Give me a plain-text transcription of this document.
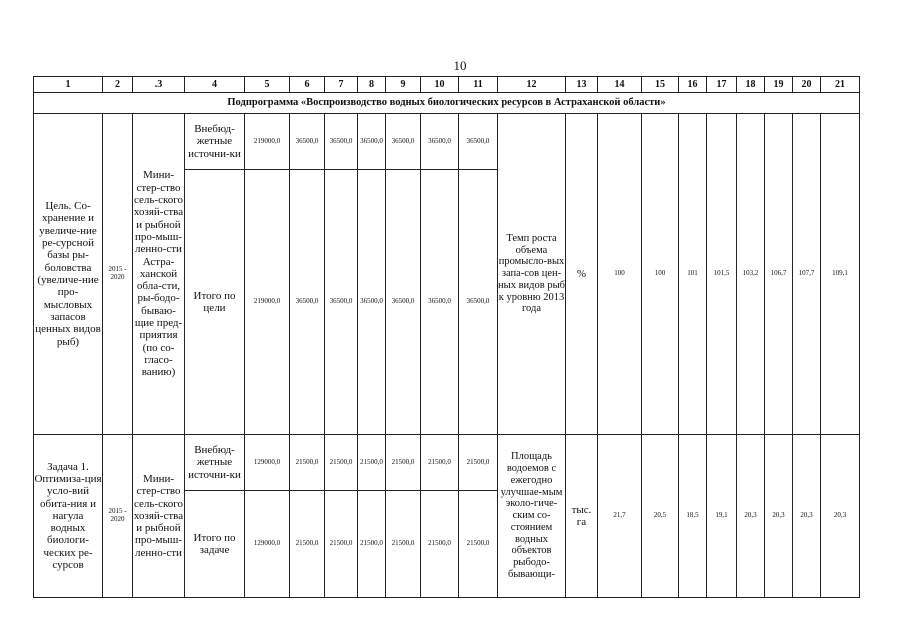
10
1	2	.3	4	5	6	7	8	9	10	11	12	13	14	15	16	17	18	19	20	21
Подпрограмма «Воспроизводство водных биологических ресурсов в Астраханской области»																				
Цель. Со-хранение и увеличе-ние ре-сурсной базы ры-боловства (увеличе-ние про-мысловых запасов ценных видов рыб)	2015 - 2020	Мини-стер-ство сель-ского хозяй-ства и рыбной про-мыш-ленно-сти Астра-ханской обла-сти, ры-бодо-бываю-щие пред-приятия (по со-гласо-ванию)	Внебюд-жетные источни-ки	219000,0	36500,0	36500,0	36500,0	36500,0	36500,0	36500,0	Темп роста объема промысло-вых запа-сов цен-ных видов рыб к уровню 2013 года	%	100	100	101	101,5	103,2	106,7	107,7	109,1
			Итого по цели	219000,0	36500,0	36500,0	36500,0	36500,0	36500,0	36500,0										
Задача 1. Оптимиза-ция усло-вий обита-ния и нагула водных биологи-ческих ре-сурсов	2015 - 2020	Мини-стер-ство сель-ского хозяй-ства и рыбной про-мыш-ленно-сти	Внебюд-жетные источни-ки	129000,0	21500,0	21500,0	21500,0	21500,0	21500,0	21500,0	Площадь водоемов с ежегодно улучшае-мым эколо-гиче-ским со-стоянием водных объектов рыбодо-бывающи-	тыс. га	21,7	20,5	18,5	19,1	20,3	20,3	20,3	20,3
			Итого по задаче	129000,0	21500,0	21500,0	21500,0	21500,0	21500,0	21500,0										
